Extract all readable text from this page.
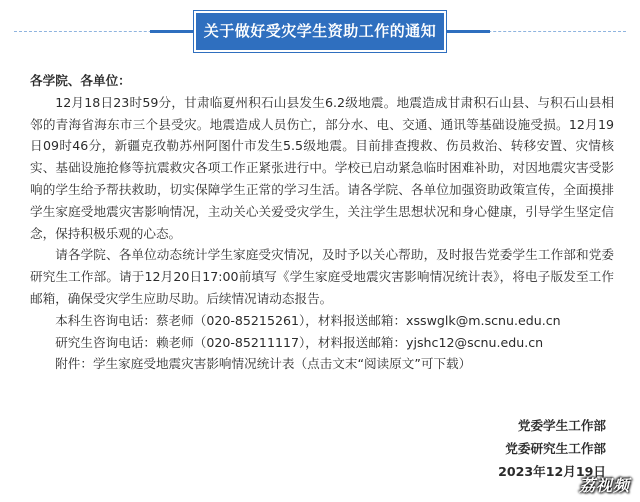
关于做好受灾学生资助工作的通知

各学院、各单位：

12月18日23时59分，甘肃临夏州积石山县发生6.2级地震。地震造成甘肃积石山县、与积石山县相邻的青海省海东市三个县受灾。地震造成人员伤亡，部分水、电、交通、通讯等基础设施受损。12月19日09时46分，新疆克孜勒苏州阿图什市发生5.5级地震。目前排查搜救、伤员救治、转移安置、灾情核实、基础设施抢修等抗震救灾各项工作正紧张进行中。学校已启动紧急临时困难补助，对因地震灾害受影响的学生给予帮扶救助，切实保障学生正常的学习生活。请各学院、各单位加强资助政策宣传，全面摸排学生家庭受地震灾害影响情况，主动关心关爱受灾学生，关注学生思想状况和身心健康，引导学生坚定信念，保持积极乐观的心态。

请各学院、各单位动态统计学生家庭受灾情况，及时予以关心帮助，及时报告党委学生工作部和党委研究生工作部。请于12月20日17:00前填写《学生家庭受地震灾害影响情况统计表》，将电子版发至工作邮箱，确保受灾学生应助尽助。后续情况请动态报告。

本科生咨询电话：蔡老师（020-85215261），材料报送邮箱：xsswglk@m.scnu.edu.cn

研究生咨询电话：赖老师（020-85211117），材料报送邮箱：yjshc12@scnu.edu.cn

附件：学生家庭受地震灾害影响情况统计表（点击文末“阅读原文”可下载）

党委学生工作部
党委研究生工作部
2023年12月19日
荔视频
